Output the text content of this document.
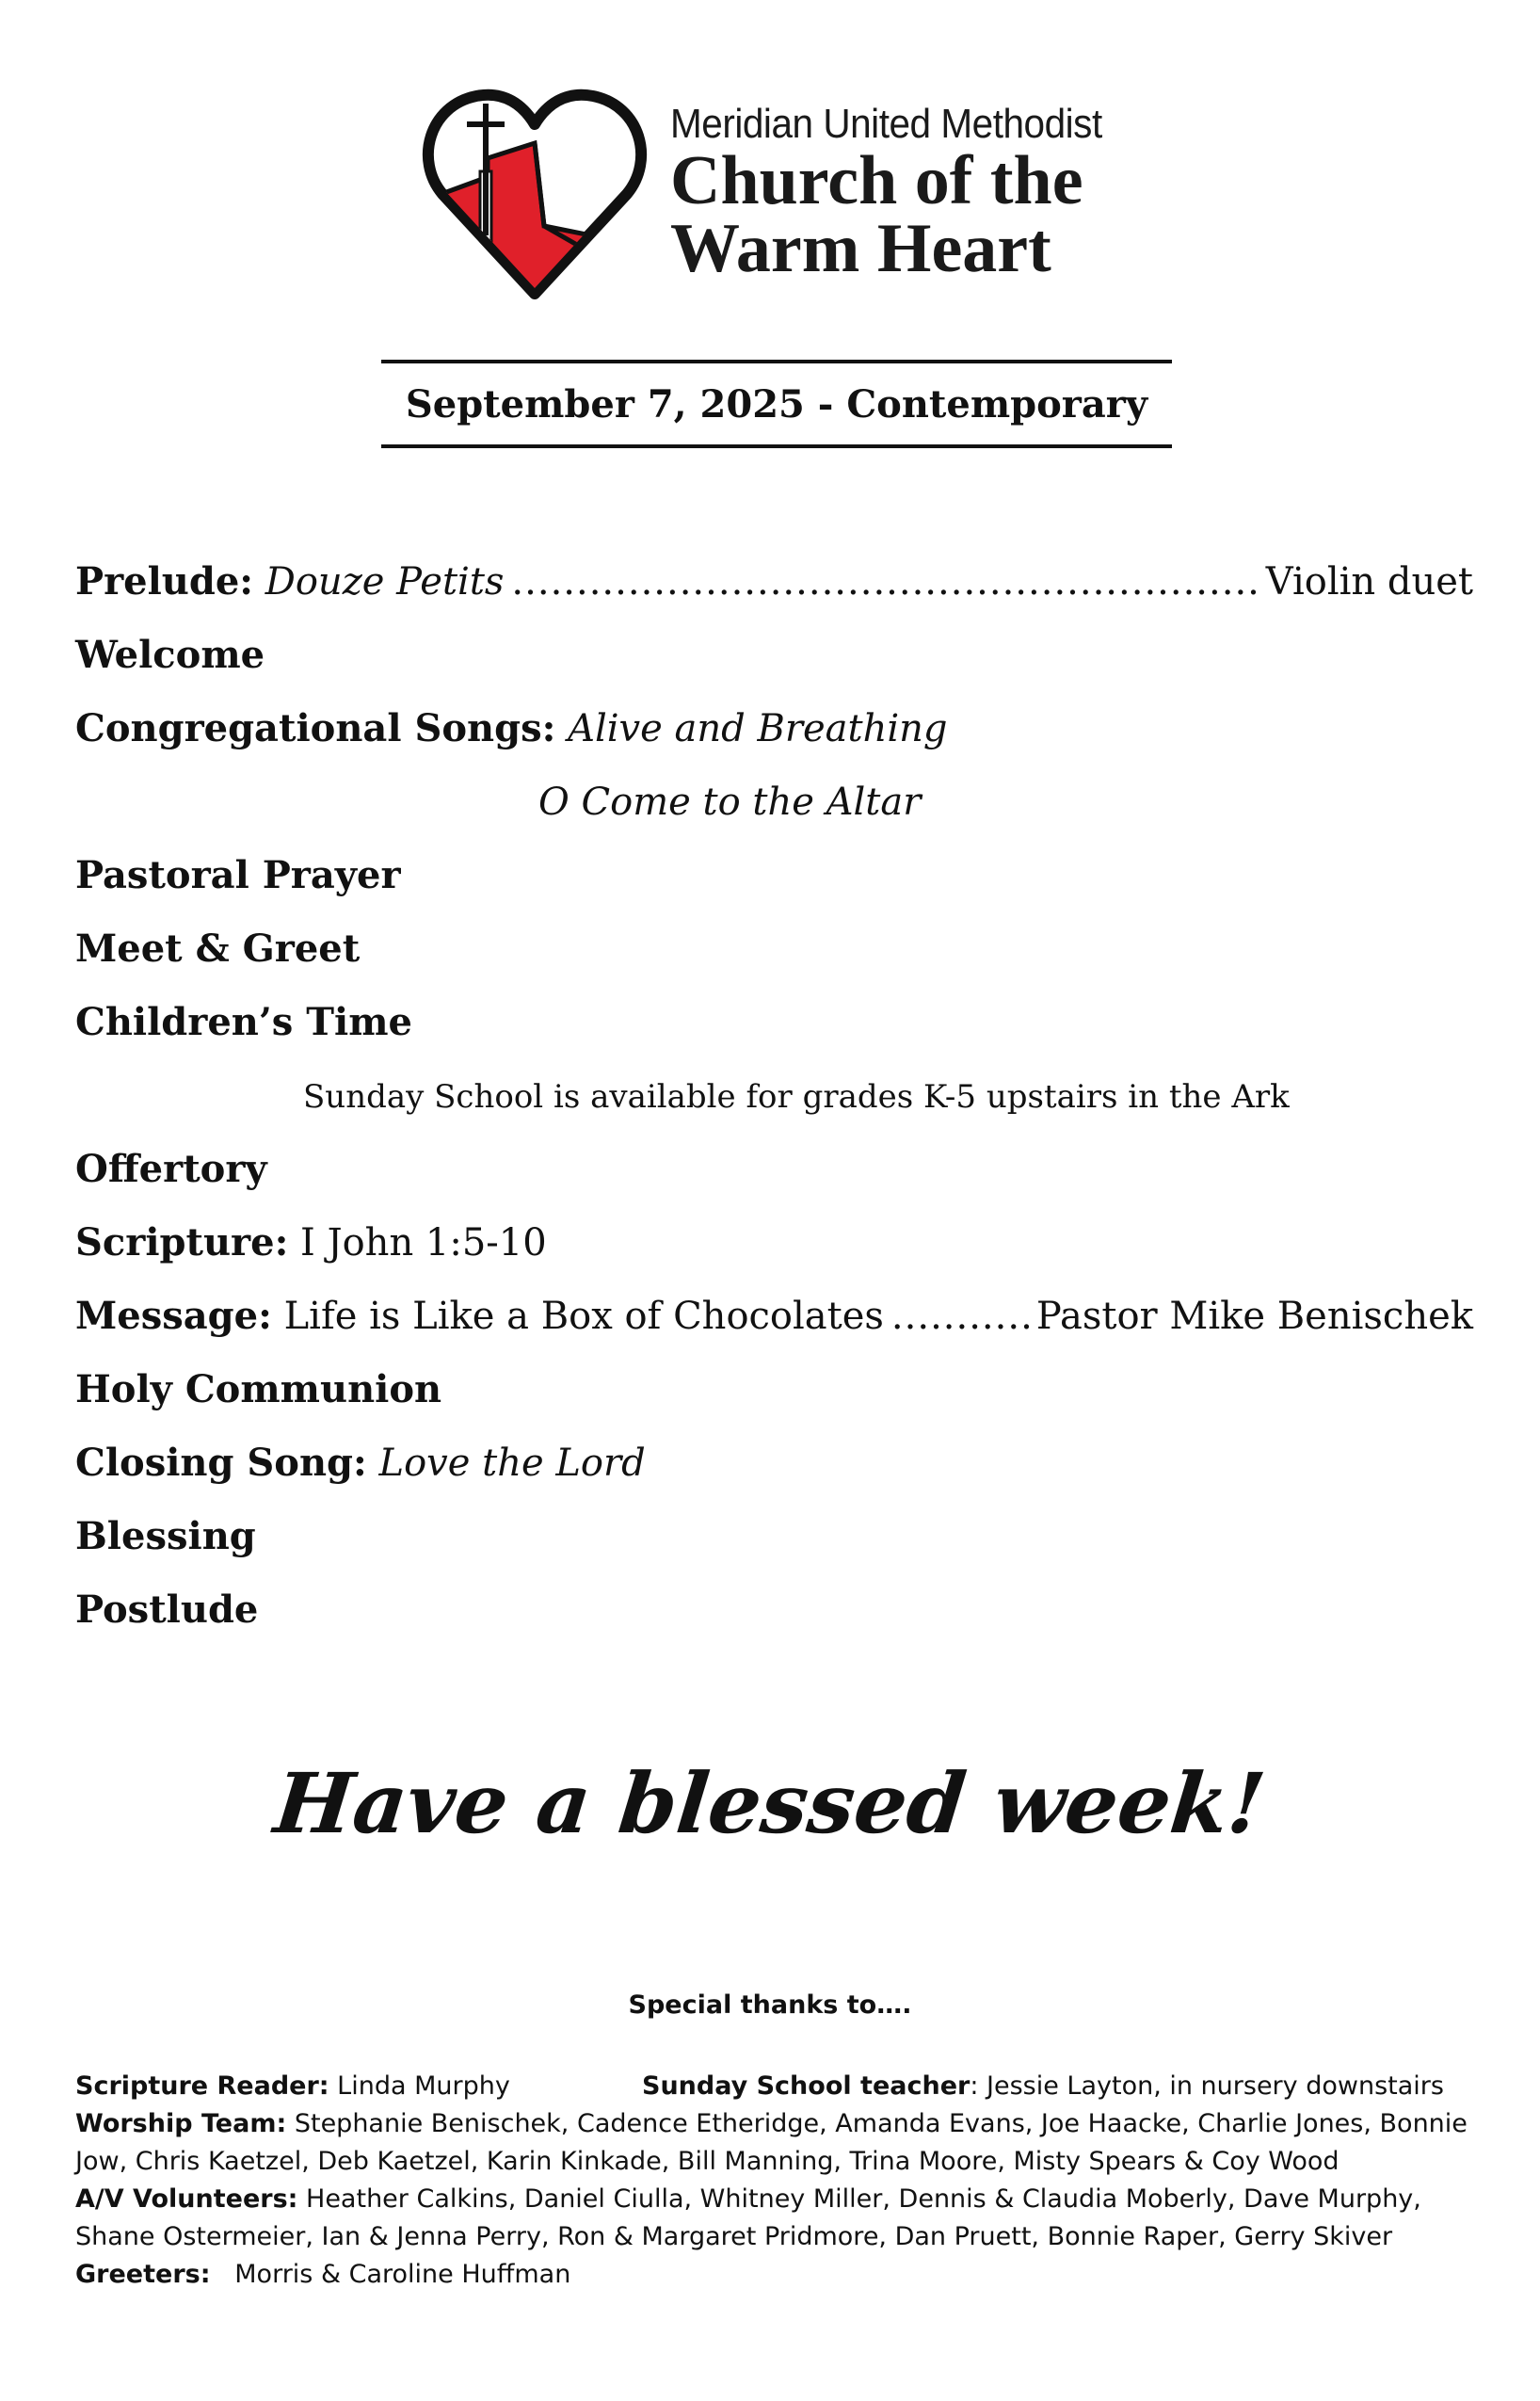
Meridian United Methodist
Church of the
Warm Heart
September 7, 2025 - Contemporary
Prelude: Douze Petits .....	Violin duet
Welcome
Congregational Songs: Alive and Breathing
O Come to the Altar
Pastoral Prayer
Meet & Greet
Children’s Time
Sunday School is available for grades K-5 upstairs in the Ark
Offertory
Scripture: I John 1:5-10
Message: Life is Like a Box of Chocolates .....	Pastor Mike Benischek
Holy Communion
Closing Song: Love the Lord
Blessing
Postlude
Have a blessed week!
Special thanks to….
Scripture Reader: Linda Murphy	Sunday School teacher: Jessie Layton, in nursery downstairs
Worship Team: Stephanie Benischek, Cadence Etheridge, Amanda Evans, Joe Haacke, Charlie Jones, Bonnie
Jow, Chris Kaetzel, Deb Kaetzel, Karin Kinkade, Bill Manning, Trina Moore, Misty Spears & Coy Wood
A/V Volunteers: Heather Calkins, Daniel Ciulla, Whitney Miller, Dennis & Claudia Moberly, Dave Murphy,
Shane Ostermeier, Ian & Jenna Perry, Ron & Margaret Pridmore, Dan Pruett, Bonnie Raper, Gerry Skiver
Greeters:   Morris & Caroline Huffman
